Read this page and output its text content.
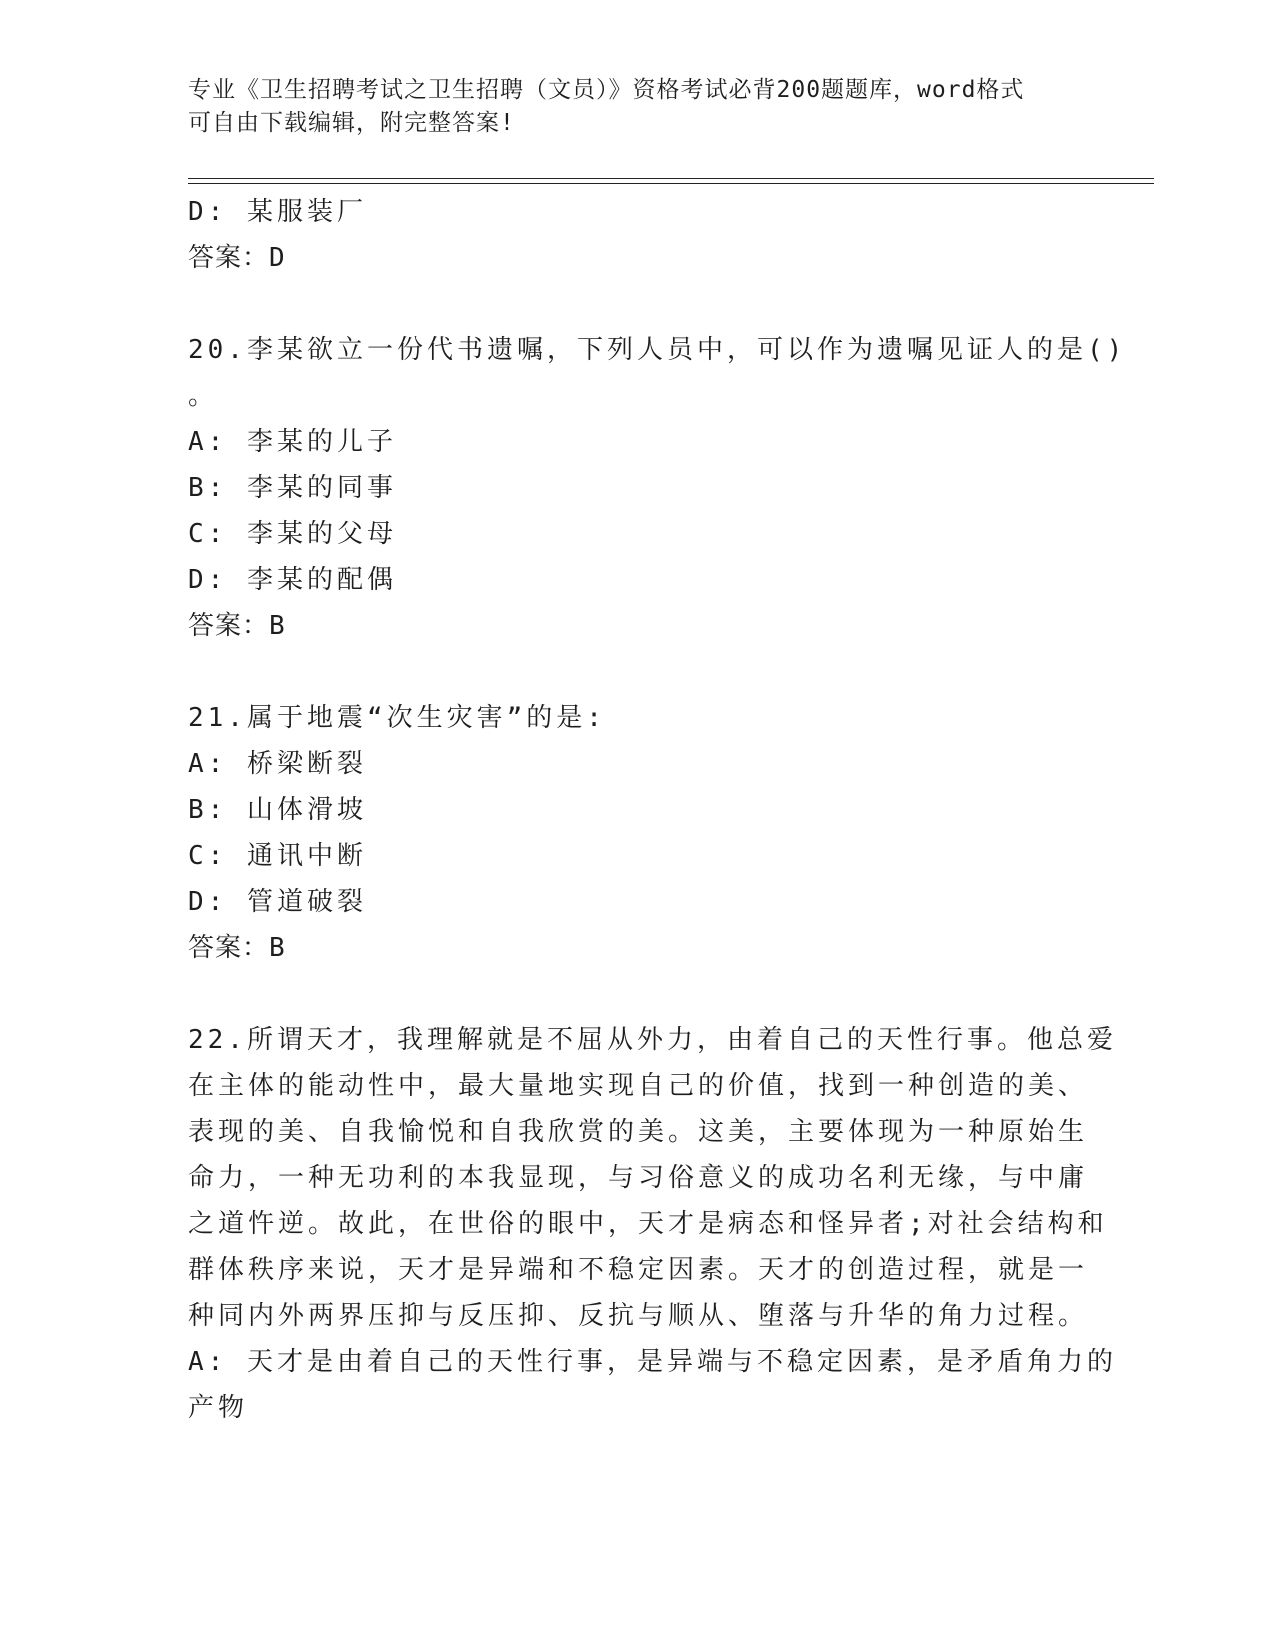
专业《卫生招聘考试之卫生招聘（文员）》资格考试必背200题题库，word格式
可自由下载编辑，附完整答案!
D: 某服装厂
答案：D
20.李某欲立一份代书遗嘱，下列人员中，可以作为遗嘱见证人的是()
。
A: 李某的儿子
B: 李某的同事
C: 李某的父母
D: 李某的配偶
答案：B
21.属于地震“次生灾害”的是:
A: 桥梁断裂
B: 山体滑坡
C: 通讯中断
D: 管道破裂
答案：B
22.所谓天才，我理解就是不屈从外力，由着自己的天性行事。他总爱
在主体的能动性中，最大量地实现自己的价值，找到一种创造的美、
表现的美、自我愉悦和自我欣赏的美。这美，主要体现为一种原始生
命力，一种无功利的本我显现，与习俗意义的成功名利无缘，与中庸
之道忤逆。故此，在世俗的眼中，天才是病态和怪异者;对社会结构和
群体秩序来说，天才是异端和不稳定因素。天才的创造过程，就是一
种同内外两界压抑与反压抑、反抗与顺从、堕落与升华的角力过程。
A: 天才是由着自己的天性行事，是异端与不稳定因素，是矛盾角力的
产物
